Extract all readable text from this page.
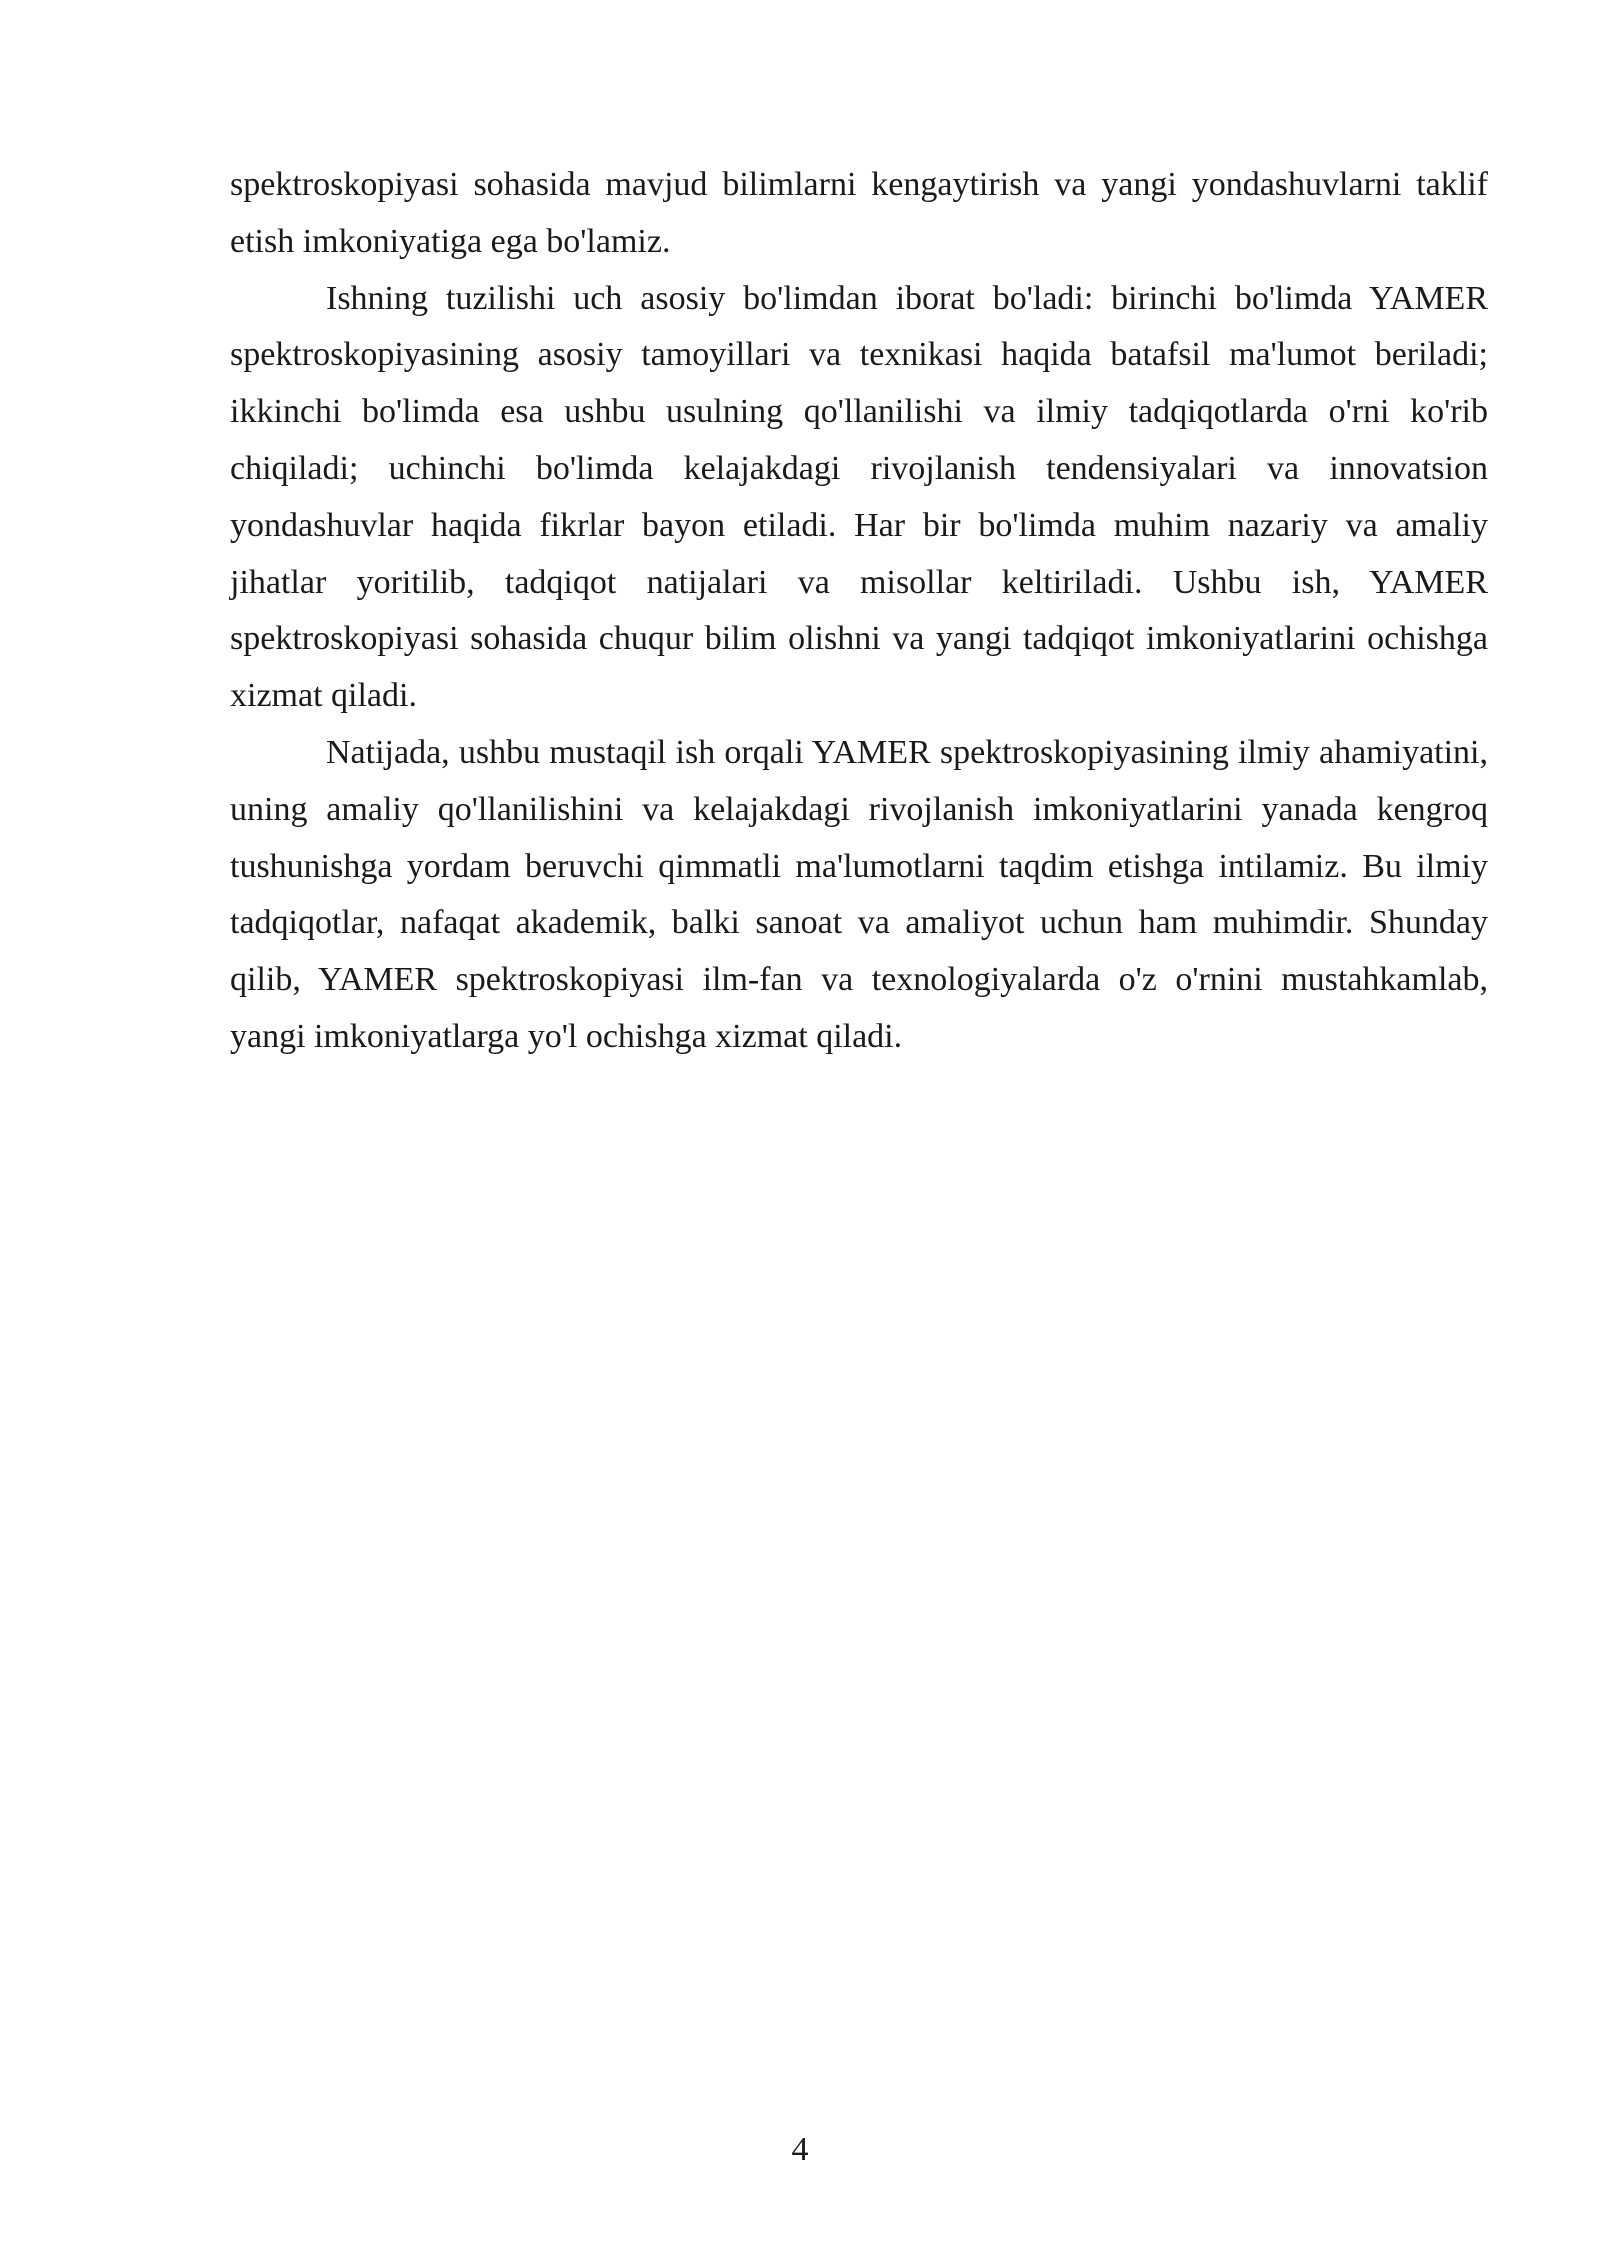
spektroskopiyasi sohasida mavjud bilimlarni kengaytirish va yangi yondashuvlarni taklif etish imkoniyatiga ega bo'lamiz.

Ishning tuzilishi uch asosiy bo'limdan iborat bo'ladi: birinchi bo'limda YAMER spektroskopiyasining asosiy tamoyillari va texnikasi haqida batafsil ma'lumot beriladi; ikkinchi bo'limda esa ushbu usulning qo'llanilishi va ilmiy tadqiqotlarda o'rni ko'rib chiqiladi; uchinchi bo'limda kelajakdagi rivojlanish tendensiyalari va innovatsion yondashuvlar haqida fikrlar bayon etiladi. Har bir bo'limda muhim nazariy va amaliy jihatlar yoritilib, tadqiqot natijalari va misollar keltiriladi. Ushbu ish, YAMER spektroskopiyasi sohasida chuqur bilim olishni va yangi tadqiqot imkoniyatlarini ochishga xizmat qiladi.

Natijada, ushbu mustaqil ish orqali YAMER spektroskopiyasining ilmiy ahamiyatini, uning amaliy qo'llanilishini va kelajakdagi rivojlanish imkoniyatlarini yanada kengroq tushunishga yordam beruvchi qimmatli ma'lumotlarni taqdim etishga intilamiz. Bu ilmiy tadqiqotlar, nafaqat akademik, balki sanoat va amaliyot uchun ham muhimdir. Shunday qilib, YAMER spektroskopiyasi ilm-fan va texnologiyalarda o'z o'rnini mustahkamlab, yangi imkoniyatlarga yo'l ochishga xizmat qiladi.

4
